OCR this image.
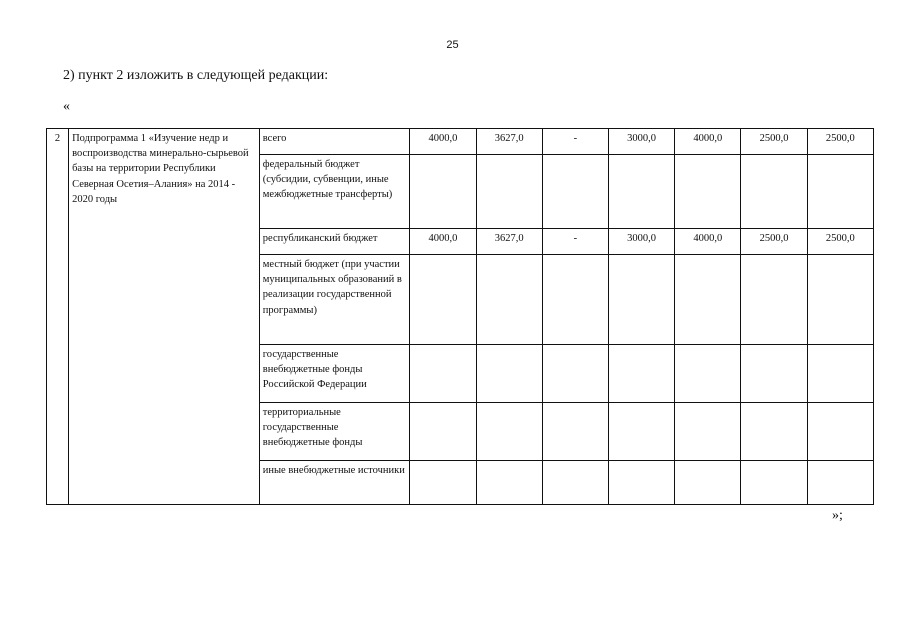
25
2) пункт 2 изложить в следующей редакции:
«
2	Подпрограмма 1 «Изучение недр и воспроизводства минерально-сырьевой базы на территории Республики Северная Осетия–Алания» на 2014 - 2020 годы	всего	4000,0	3627,0	-	3000,0	4000,0	2500,0	2500,0
		федеральный бюджет (субсидии, субвенции, иные межбюджетные трансферты)							
		республиканский бюджет	4000,0	3627,0	-	3000,0	4000,0	2500,0	2500,0
		местный бюджет (при участии муниципальных образований в реализации государственной программы)							
		государственные внебюджетные фонды Российской Федерации							
		территориальные государственные внебюджетные фонды							
		иные внебюджетные источники							
»;
